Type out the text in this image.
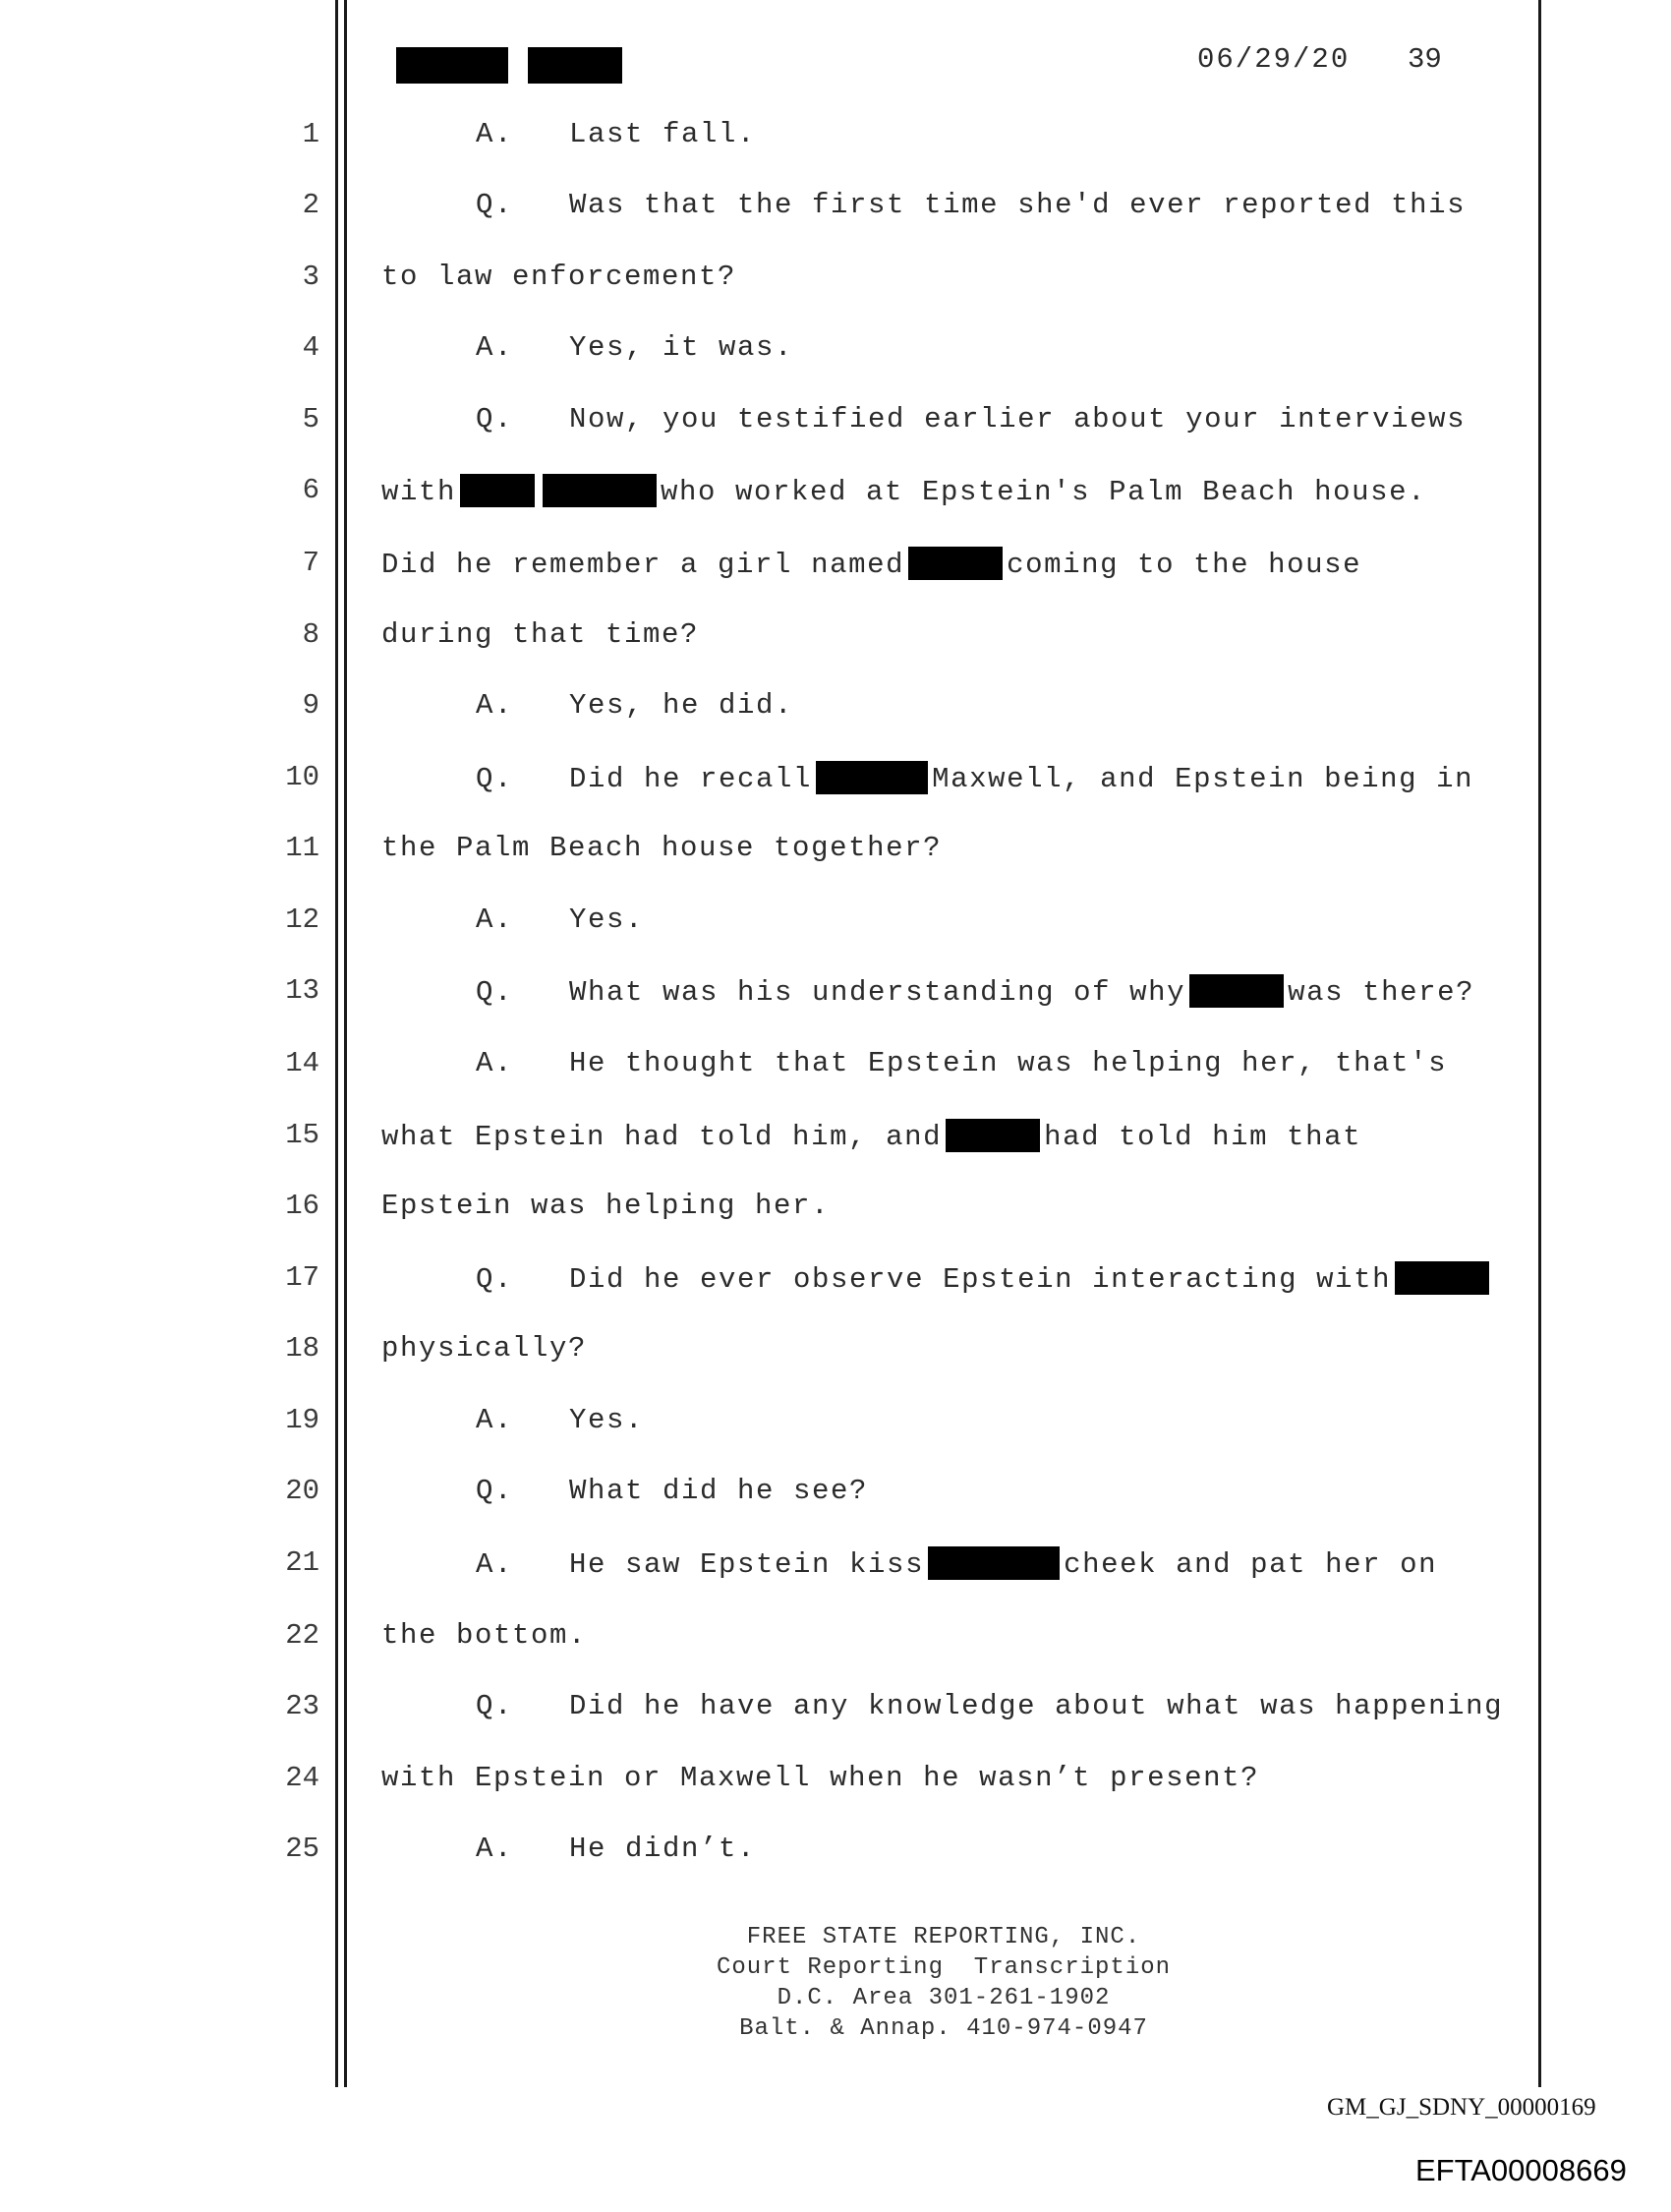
06/29/20 39
1
2
3
4
5
6
7
8
9
10
11
12
13
14
15
16
17
18
19
20
21
22
23
24
25
A.   Last fall.
Q.   Was that the first time she'd ever reported this
to law enforcement?
A.   Yes, it was.
Q.   Now, you testified earlier about your interviews
with	who worked at Epstein's Palm Beach house.
Did he remember a girl named	coming to the house
during that time?
A.   Yes, he did.
Q.   Did he recall	Maxwell, and Epstein being in
the Palm Beach house together?
A.   Yes.
Q.   What was his understanding of why	was there?
A.   He thought that Epstein was helping her, that's
what Epstein had told him, and	had told him that
Epstein was helping her.
Q.   Did he ever observe Epstein interacting with
physically?
A.   Yes.
Q.   What did he see?
A.   He saw Epstein kiss	cheek and pat her on
the bottom.
Q.   Did he have any knowledge about what was happening
with Epstein or Maxwell when he wasn’t present?
A.   He didn’t.
FREE STATE REPORTING, INC.
Court Reporting  Transcription
D.C. Area 301-261-1902
Balt. & Annap. 410-974-0947
GM_GJ_SDNY_00000169
EFTA00008669
